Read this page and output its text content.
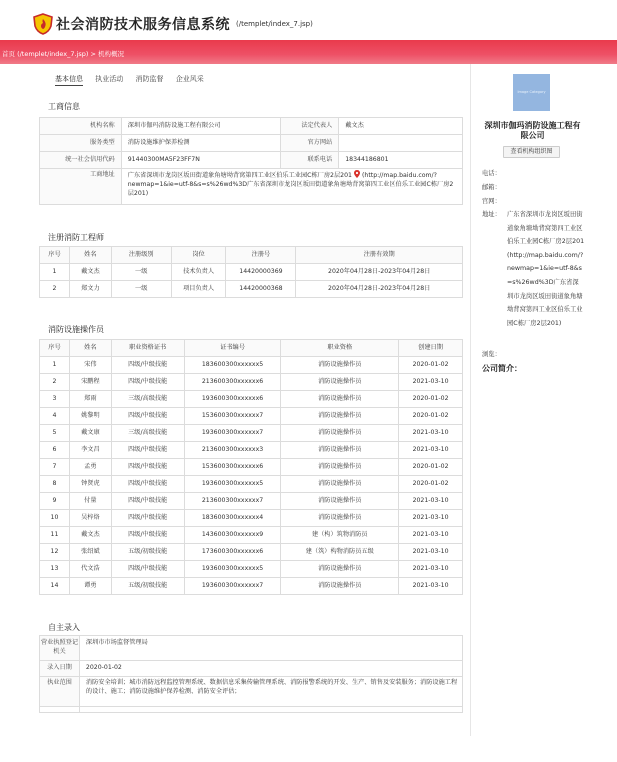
社会消防技术服务信息系统 (/templet/index_7.jsp)
首页 (/templet/index_7.jsp) > 机构概况
基本信息 执业活动 消防监督 企业风采
工商信息
机构名称	深圳市伽玛消防设施工程有限公司	法定代表人	戴文杰
服务类型	消防设施维护保养检测	官方网站	
统一社会信用代码	91440300MA5F23FF7N	联系电话	18344186801
工商地址	广东省深圳市龙岗区坂田街道象角塘坳背窝第四工业区伯乐工业园C栋厂房2层201 (http://map.baidu.com/?newmap=1&ie=utf-8&s=s%26wd%3D广东省深圳市龙岗区坂田街道象角塘坳背窝第四工业区伯乐工业园C栋厂房2层201)		
注册消防工程师
序号	姓名	注册级别	岗位	注册号	注册有效期
1	戴文杰	一级	技术负责人	14420000369	2020年04月28日-2023年04月28日
2	郑文力	一级	项目负责人	14420000368	2020年04月28日-2023年04月28日
消防设施操作员
序号	姓名	职业资格证书	证书编号	职业资格	创建日期
1	宋伟	四级/中级技能	183600300xxxxxx5	消防设施操作员	2020-01-02
2	宋鹏程	四级/中级技能	213600300xxxxxx6	消防设施操作员	2021-03-10
3	郑雨	三级/高级技能	193600300xxxxxx6	消防设施操作员	2020-01-02
4	姚黎明	四级/中级技能	153600300xxxxxx7	消防设施操作员	2020-01-02
5	戴文康	三级/高级技能	193600300xxxxxx7	消防设施操作员	2021-03-10
6	李文昌	四级/中级技能	213600300xxxxxx3	消防设施操作员	2021-03-10
7	孟勇	四级/中级技能	153600300xxxxxx6	消防设施操作员	2020-01-02
8	钟贤虎	四级/中级技能	193600300xxxxxx5	消防设施操作员	2020-01-02
9	付量	四级/中级技能	213600300xxxxxx7	消防设施操作员	2021-03-10
10	吴梓烙	四级/中级技能	183600300xxxxxx4	消防设施操作员	2021-03-10
11	戴文杰	四级/中级技能	143600300xxxxxx9	建（构）筑物消防员	2021-03-10
12	张绍斌	五级/初级技能	173600300xxxxxx6	建（筑）构物消防员五级	2021-03-10
13	代文浩	四级/中级技能	193600300xxxxxx5	消防设施操作员	2021-03-10
14	谭勇	五级/初级技能	193600300xxxxxx7	消防设施操作员	2021-03-10
自主录入
营业执照登记机关	深圳市市场监督管理局
录入日期	2020-01-02
执业范围	消防安全培训；城市消防远程监控管理系统、数据信息采集传输管理系统、消防报警系统的开发、生产、销售及安装服务；消防设施工程的设计、施工；消防设施维护保养检测、消防安全评估；

Image Category
深圳市伽玛消防设施工程有限公司
查看机构组织图
电话：
邮箱：
官网：
地址： 广东省深圳市龙岗区坂田街道象角塘坳背窝第四工业区伯乐工业园C栋厂房2层201 (http://map.baidu.com/?newmap=1&ie=utf-8&s=s%26wd%3D广东省深圳市龙岗区坂田街道象角塘坳背窝第四工业区伯乐工业园C栋厂房2层201)
浏览：
公司简介：
